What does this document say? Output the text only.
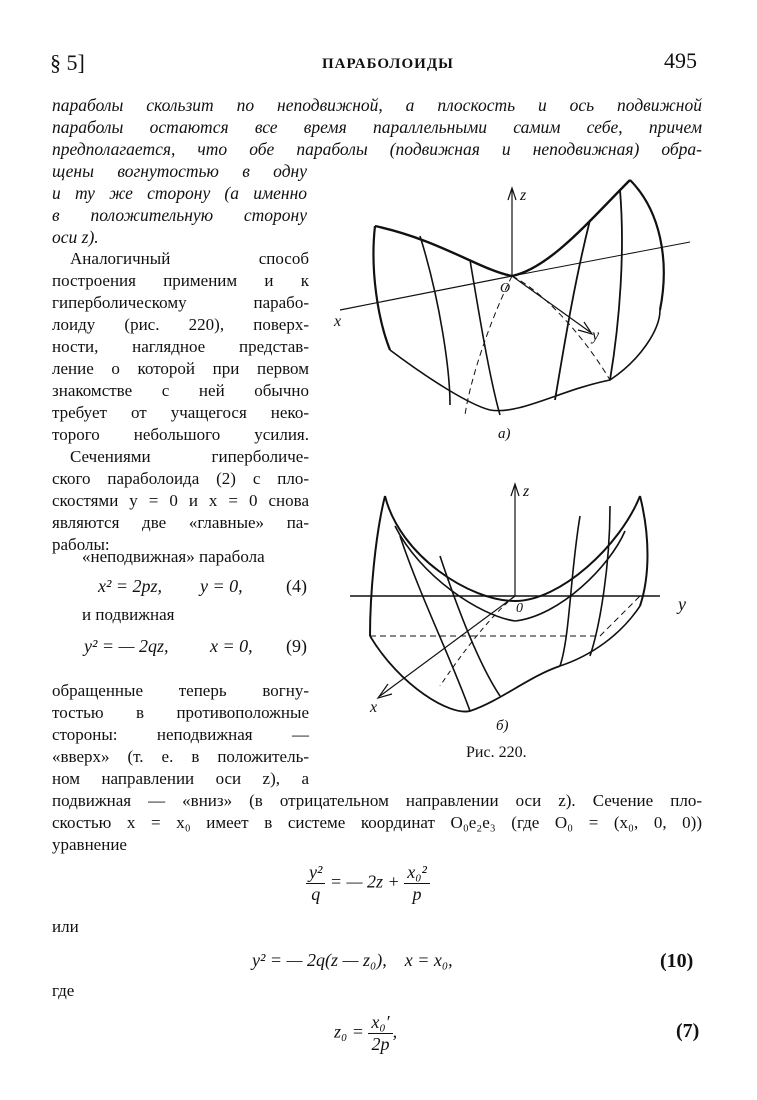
§ 5]	ПАРАБОЛОИДЫ	495
параболы скользит по неподвижной, а плоскость и ось подвижной
параболы остаются все время параллельными самим себе, причем
предполагается, что обе параболы (подвижная и неподвижная) обра-
щены вогнутостью в одну
и ту же сторону (а именно
в положительную сторону
оси z).
Аналогичный способ
построения применим и к
гиперболическому парабо-
лоиду (рис. 220), поверх-
ности, наглядное представ-
ление о которой при первом
знакомстве с ней обычно
требует от учащегося неко-
торого небольшого усилия.
Сечениями гиперболиче-
ского параболоида (2) с пло-
скостями y = 0 и x = 0 снова
являются две «главные» па-
раболы:
«неподвижная» парабола
x² = 2pz, y = 0, (4)
и подвижная
y² = — 2qz, x = 0, (9)
обращенные теперь вогну-
тостью в противоположные
стороны: неподвижная —
«вверх» (т. е. в положитель-
ном направлении оси z), а
подвижная — «вниз» (в отрицательном направлении оси z). Сечение пло-
скостью x = x₀ имеет в системе координат O₀e₂e₃ (где O₀ = (x₀, 0, 0))
уравнение
$\frac{\text{y²}}{q}$ = — $2z + \frac{\text{x₀²}}{p}$
или
y² = — 2q(z — z₀),    x = x₀,	(10)
где
$z_0 = \frac{\text{x₀′}}{2p}$ ,	(7)
z
x
y
O
a)
z
x
y
0
б)
Рис. 220.
